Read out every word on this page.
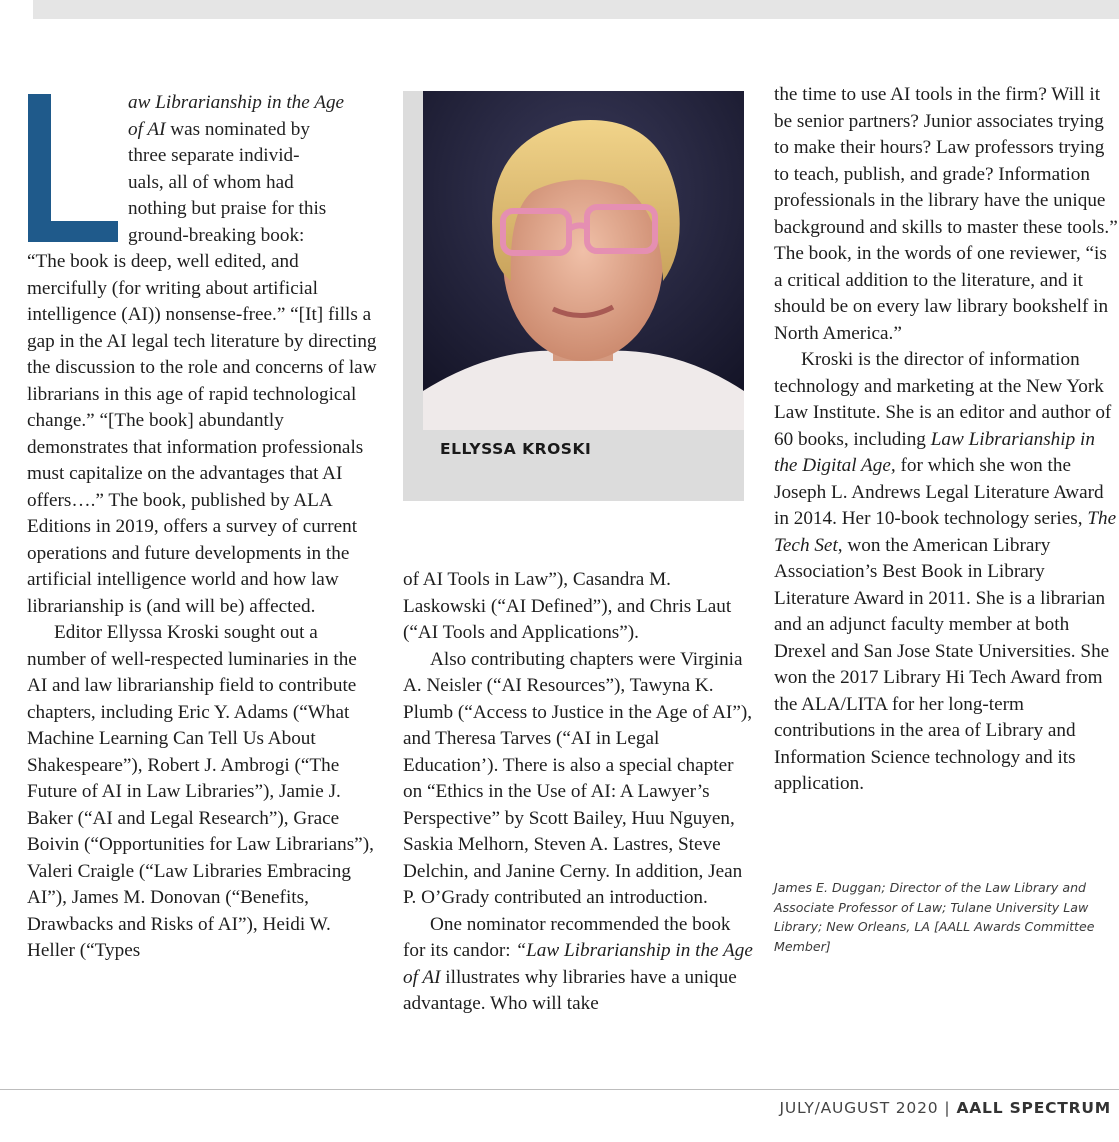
aw Librarianship in the Age
of AI was nominated by
three separate individ-
uals, all of whom had
nothing but praise for this
ground-breaking book:

“The book is deep, well edited, and mercifully (for writing about artificial intelligence (AI)) nonsense-free.” “[It] fills a gap in the AI legal tech literature by directing the discussion to the role and concerns of law librarians in this age of rapid technological change.” “[The book] abundantly demonstrates that information professionals must capitalize on the advantages that AI offers….” The book, published by ALA Editions in 2019, offers a survey of current operations and future developments in the artificial intelligence world and how law librarianship is (and will be) affected.

Editor Ellyssa Kroski sought out a number of well-respected luminaries in the AI and law librarianship field to contribute chapters, including Eric Y. Adams (“What Machine Learning Can Tell Us About Shakespeare”), Robert J. Ambrogi (“The Future of AI in Law Libraries”), Jamie J. Baker (“AI and Legal Research”), Grace Boivin (“Opportunities for Law Librarians”), Valeri Craigle (“Law Libraries Embracing AI”), James M. Donovan (“Benefits, Drawbacks and Risks of AI”), Heidi W. Heller (“Types

ELLYSSA KROSKI

of AI Tools in Law”), Casandra M. Laskowski (“AI Defined”), and Chris Laut (“AI Tools and Applications”).

Also contributing chapters were Virginia A. Neisler (“AI Resources”), Tawyna K. Plumb (“Access to Justice in the Age of AI”), and Theresa Tarves (“AI in Legal Education’). There is also a special chapter on “Ethics in the Use of AI: A Lawyer’s Perspective” by Scott Bailey, Huu Nguyen, Saskia Melhorn, Steven A. Lastres, Steve Delchin, and Janine Cerny. In addition, Jean P. O’Grady contributed an introduction.

One nominator recommended the book for its candor: “Law Librarianship in the Age of AI illustrates why libraries have a unique advantage. Who will take

the time to use AI tools in the firm? Will it be senior partners? Junior associates trying to make their hours? Law professors trying to teach, publish, and grade? Information professionals in the library have the unique background and skills to master these tools.” The book, in the words of one reviewer, “is a critical addition to the literature, and it should be on every law library bookshelf in North America.”

Kroski is the director of information technology and marketing at the New York Law Institute. She is an editor and author of 60 books, including Law Librarianship in the Digital Age, for which she won the Joseph L. Andrews Legal Literature Award in 2014. Her 10-book technology series, The Tech Set, won the American Library Association’s Best Book in Library Literature Award in 2011. She is a librarian and an adjunct faculty member at both Drexel and San Jose State Universities. She won the 2017 Library Hi Tech Award from the ALA/LITA for her long-term contributions in the area of Library and Information Science technology and its application.

James E. Duggan; Director of the Law Library and Associate Professor of Law; Tulane University Law Library; New Orleans, LA [AALL Awards Committee Member]
JULY/AUGUST 2020 | AALL SPECTRUM
